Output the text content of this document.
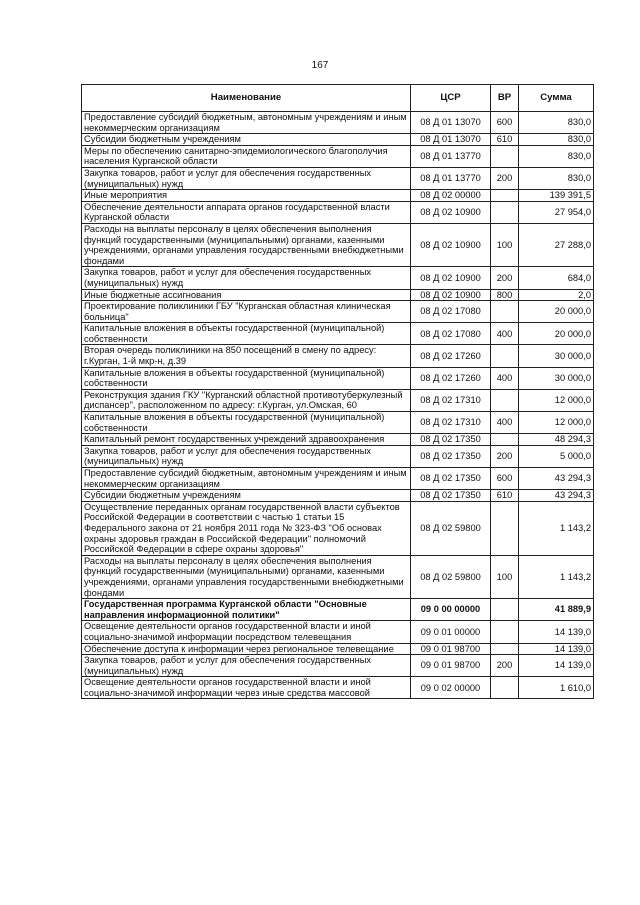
167
Наименование	ЦСР	ВР	Сумма
Предоставление субсидий бюджетным, автономным учреждениям и иным некоммерческим организациям	08 Д 01 13070	600	830,0
Субсидии бюджетным учреждениям	08 Д 01 13070	610	830,0
Меры по обеспечению санитарно-эпидемиологического благополучия населения Курганской области	08 Д 01 13770		830,0
Закупка товаров, работ и услуг для обеспечения государственных (муниципальных) нужд	08 Д 01 13770	200	830,0
Иные мероприятия	08 Д 02 00000		139 391,5
Обеспечение деятельности аппарата органов государственной власти Курганской области	08 Д 02 10900		27 954,0
Расходы на выплаты персоналу в целях обеспечения выполнения функций государственными (муниципальными) органами, казенными учреждениями, органами управления государственными внебюджетными фондами	08 Д 02 10900	100	27 288,0
Закупка товаров, работ и услуг для обеспечения государственных (муниципальных) нужд	08 Д 02 10900	200	684,0
Иные бюджетные ассигнования	08 Д 02 10900	800	2,0
Проектирование поликлиники ГБУ "Курганская областная клиническая больница"	08 Д 02 17080		20 000,0
Капитальные вложения в объекты государственной (муниципальной) собственности	08 Д 02 17080	400	20 000,0
Вторая очередь поликлиники на 850 посещений в смену по адресу: г.Курган, 1-й мкр-н, д.39	08 Д 02 17260		30 000,0
Капитальные вложения в объекты государственной (муниципальной) собственности	08 Д 02 17260	400	30 000,0
Реконструкция здания ГКУ "Курганский областной противотуберкулезный диспансер", расположенном по адресу: г.Курган, ул.Омская, 60	08 Д 02 17310		12 000,0
Капитальные вложения в объекты государственной (муниципальной) собственности	08 Д 02 17310	400	12 000,0
Капитальный ремонт государственных учреждений здравоохранения	08 Д 02 17350		48 294,3
Закупка товаров, работ и услуг для обеспечения государственных (муниципальных) нужд	08 Д 02 17350	200	5 000,0
Предоставление субсидий бюджетным, автономным учреждениям и иным некоммерческим организациям	08 Д 02 17350	600	43 294,3
Субсидии бюджетным учреждениям	08 Д 02 17350	610	43 294,3
Осуществление переданных органам государственной власти субъектов Российской Федерации в соответствии с частью 1 статьи 15 Федерального закона от 21 ноября 2011 года № 323-ФЗ "Об основах охраны здоровья граждан в Российской Федерации" полномочий Российской Федерации в сфере охраны здоровья"	08 Д 02 59800		1 143,2
Расходы на выплаты персоналу в целях обеспечения выполнения функций государственными (муниципальными) органами, казенными учреждениями, органами управления государственными внебюджетными фондами	08 Д 02 59800	100	1 143,2
Государственная программа Курганской области "Основные направления информационной политики"	09 0 00 00000		41 889,9
Освещение деятельности органов государственной власти и иной социально-значимой информации посредством телевещания	09 0 01 00000		14 139,0
Обеспечение доступа к информации через региональное телевещание	09 0 01 98700		14 139,0
Закупка товаров, работ и услуг для обеспечения государственных (муниципальных) нужд	09 0 01 98700	200	14 139,0
Освещение деятельности органов государственной власти и иной социально-значимой информации через иные средства массовой	09 0 02 00000		1 610,0
